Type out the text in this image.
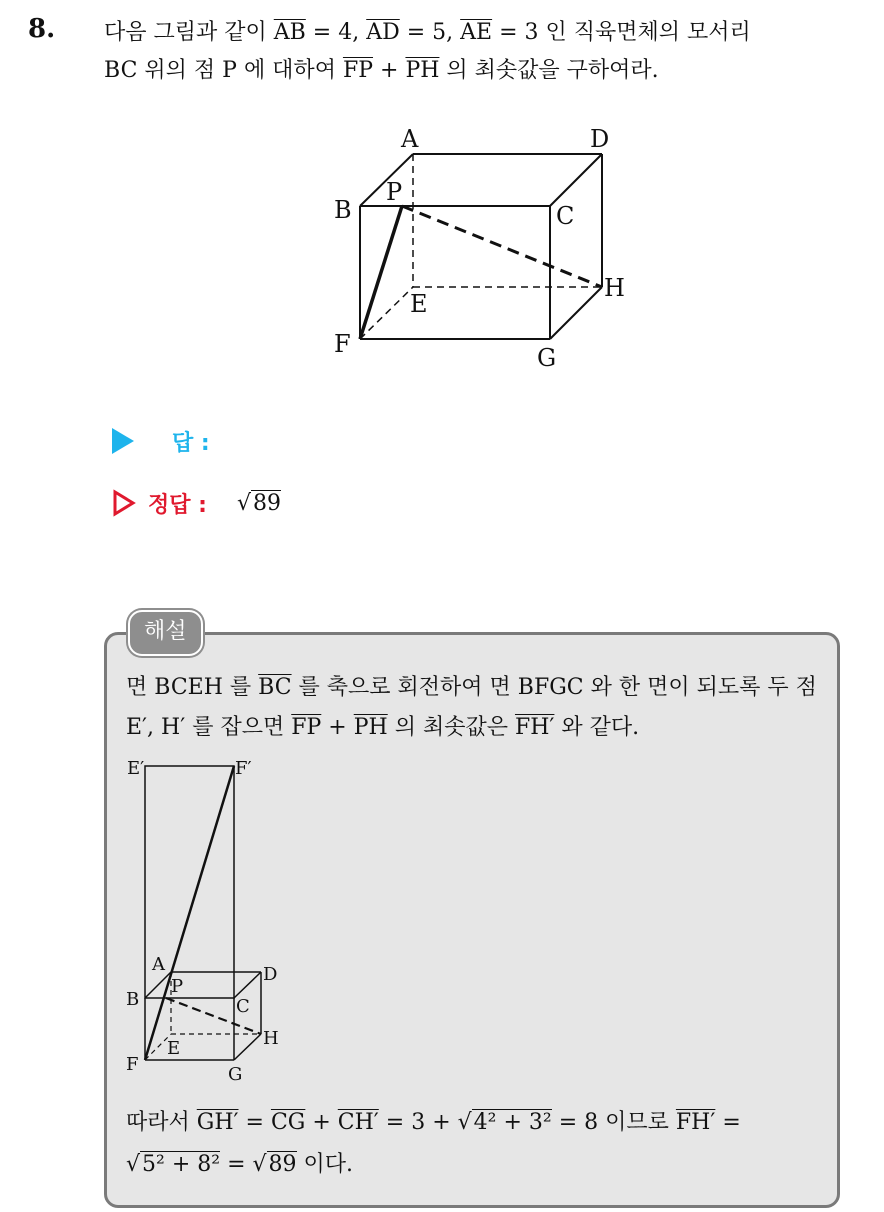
8. 다음 그림과 같이 $\overline{AB} = 4$, $\overline{AD} = 5$, $\overline{AE} = 3$ 인 직육면체의 모서리
BC 위의 점 P 에 대하여 $\overline{FP} + \overline{PH}$ 의 최솟값을 구하여라.
A	D
B
P
C
E
H
F	G
답 :
정답 : √89
해설
면 BCEH 를 $\overline{BC}$ 를 축으로 회전하여 면 BFGC 와 한 면이 되도록 두 점 E′, H′ 를 잡으면 $\overline{FP} + \overline{PH}$ 의 최솟값은 FH′ 와 같다.
E′	F′
A	D
B
P
C
E	H
F	G
따라서 $GH' = \overline{CG} + CH' = 3 + √4^2 + 3^2 = 8$ 이므로 FH′ =
√5² + 8² = √89 이다.
